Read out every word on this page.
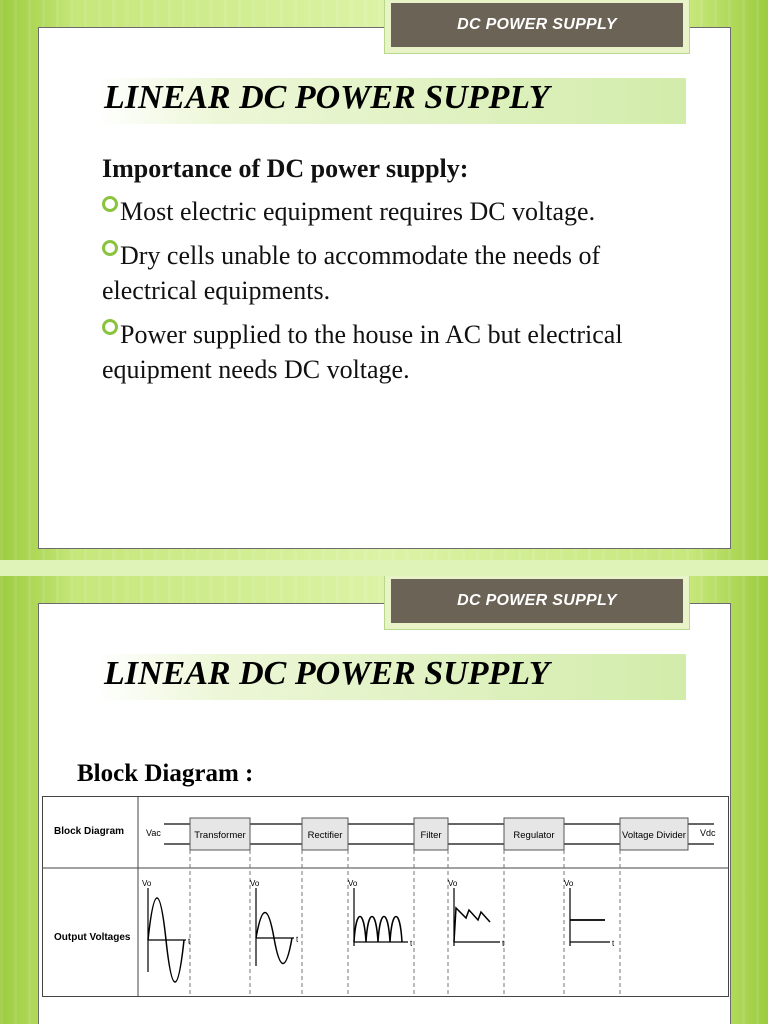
DC POWER SUPPLY
LINEAR DC POWER SUPPLY
Importance of DC power supply:
Most electric equipment requires DC voltage.
Dry cells unable to accommodate the needs of electrical equipments.
Power supplied to the house in AC but electrical equipment needs DC voltage.
DC POWER SUPPLY
LINEAR DC POWER SUPPLY
Block Diagram :
Block Diagram
Output Voltages
Vac	Vdc
Transformer	Rectifier	Filter	Regulator	Voltage Divider
Vo
t
Vo
t
Vo
t
Vo
t
Vo
t
